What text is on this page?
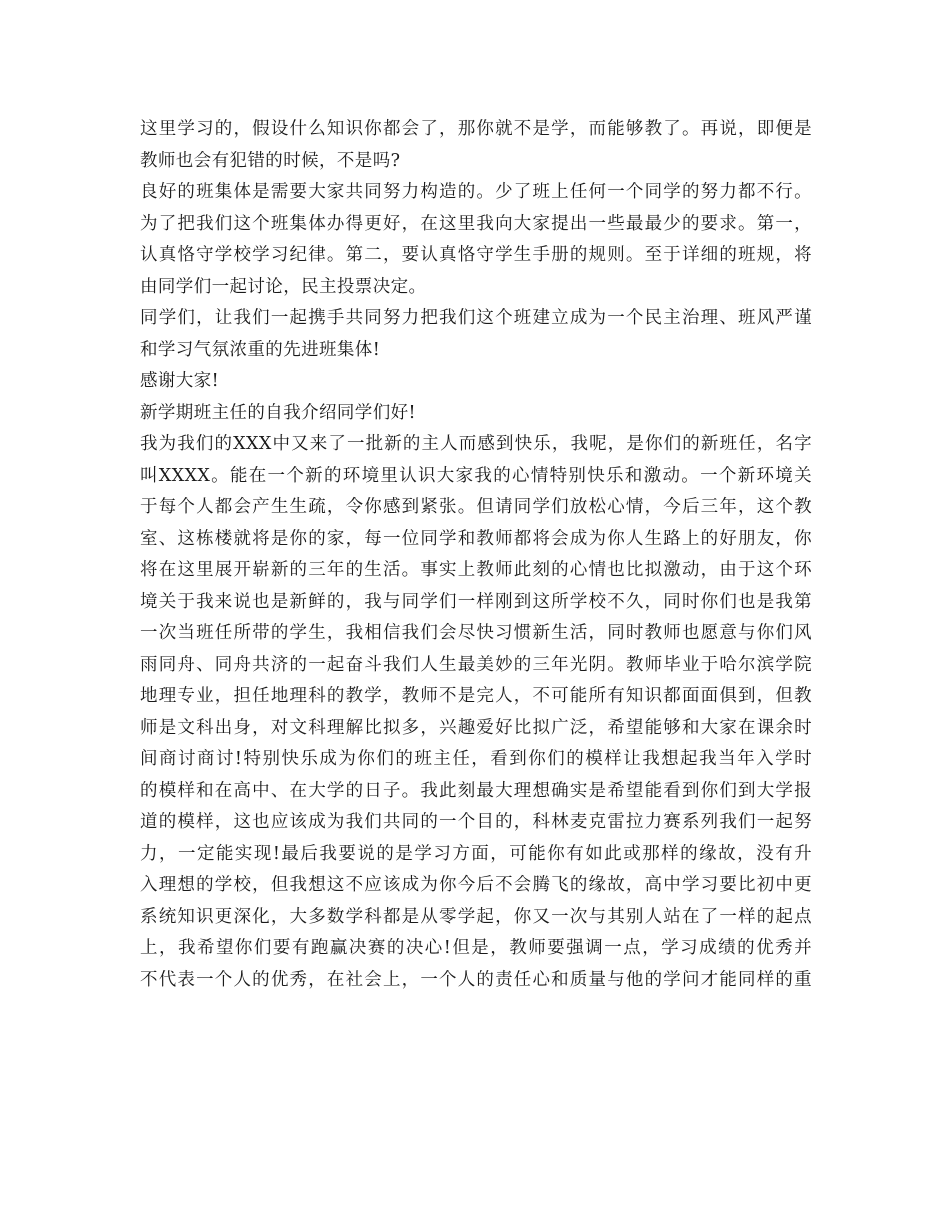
这里学习的，假设什么知识你都会了，那你就不是学，而能够教了。再说，即便是
教师也会有犯错的时候，不是吗?
良好的班集体是需要大家共同努力构造的。少了班上任何一个同学的努力都不行。
为了把我们这个班集体办得更好，在这里我向大家提出一些最最少的要求。第一，
认真恪守学校学习纪律。第二，要认真恪守学生手册的规则。至于详细的班规，将
由同学们一起讨论，民主投票决定。
同学们，让我们一起携手共同努力把我们这个班建立成为一个民主治理、班风严谨
和学习气氛浓重的先进班集体!
感谢大家!
新学期班主任的自我介绍同学们好!
我为我们的XXX中又来了一批新的主人而感到快乐，我呢，是你们的新班任，名字
叫XXXX。能在一个新的环境里认识大家我的心情特别快乐和激动。一个新环境关
于每个人都会产生生疏，令你感到紧张。但请同学们放松心情，今后三年，这个教
室、这栋楼就将是你的家，每一位同学和教师都将会成为你人生路上的好朋友，你
将在这里展开崭新的三年的生活。事实上教师此刻的心情也比拟激动，由于这个环
境关于我来说也是新鲜的，我与同学们一样刚到这所学校不久，同时你们也是我第
一次当班任所带的学生，我相信我们会尽快习惯新生活，同时教师也愿意与你们风
雨同舟、同舟共济的一起奋斗我们人生最美妙的三年光阴。教师毕业于哈尔滨学院
地理专业，担任地理科的教学，教师不是完人，不可能所有知识都面面俱到，但教
师是文科出身，对文科理解比拟多，兴趣爱好比拟广泛，希望能够和大家在课余时
间商讨商讨!特别快乐成为你们的班主任，看到你们的模样让我想起我当年入学时
的模样和在高中、在大学的日子。我此刻最大理想确实是希望能看到你们到大学报
道的模样，这也应该成为我们共同的一个目的，科林麦克雷拉力赛系列我们一起努
力，一定能实现!最后我要说的是学习方面，可能你有如此或那样的缘故，没有升
入理想的学校，但我想这不应该成为你今后不会腾飞的缘故，高中学习要比初中更
系统知识更深化，大多数学科都是从零学起，你又一次与其别人站在了一样的起点
上，我希望你们要有跑赢决赛的决心!但是，教师要强调一点，学习成绩的优秀并
不代表一个人的优秀，在社会上，一个人的责任心和质量与他的学问才能同样的重
